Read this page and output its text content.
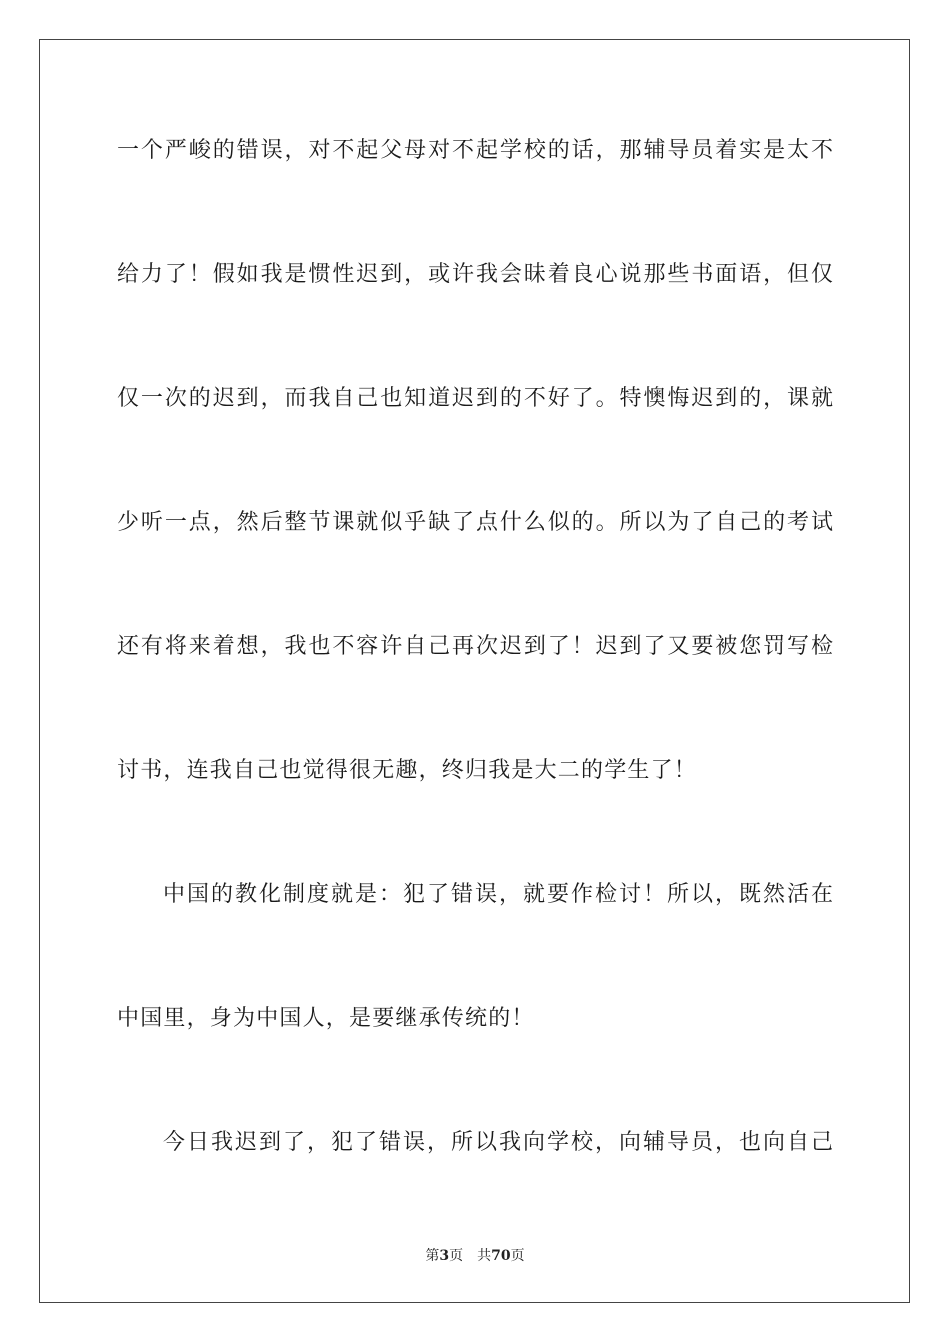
一个严峻的错误，对不起父母对不起学校的话，那辅导员着实是太不
给力了！假如我是惯性迟到，或许我会昧着良心说那些书面语，但仅
仅一次的迟到，而我自己也知道迟到的不好了。特懊悔迟到的，课就
少听一点，然后整节课就似乎缺了点什么似的。所以为了自己的考试
还有将来着想，我也不容许自己再次迟到了！迟到了又要被您罚写检
讨书，连我自己也觉得很无趣，终归我是大二的学生了！
中国的教化制度就是：犯了错误，就要作检讨！所以，既然活在
中国里，身为中国人，是要继承传统的！
今日我迟到了，犯了错误，所以我向学校，向辅导员，也向自己
第3页 共70页
